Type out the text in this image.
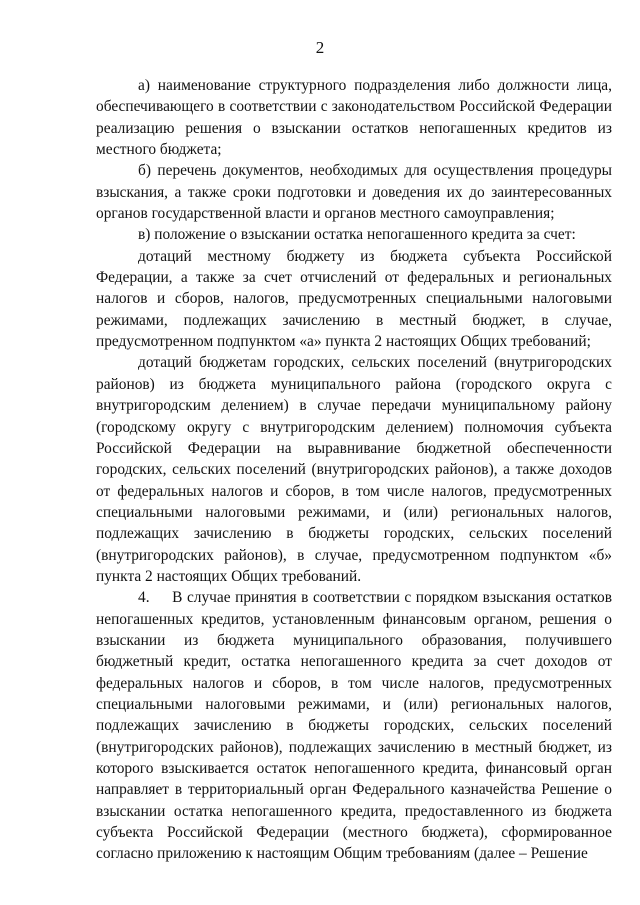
2

а) наименование структурного подразделения либо должности лица, обеспечивающего в соответствии с законодательством Российской Федерации реализацию решения о взыскании остатков непогашенных кредитов из местного бюджета;

б) перечень документов, необходимых для осуществления процедуры взыскания, а также сроки подготовки и доведения их до заинтересованных органов государственной власти и органов местного самоуправления;

в) положение о взыскании остатка непогашенного кредита за счет:

дотаций местному бюджету из бюджета субъекта Российской Федерации, а также за счет отчислений от федеральных и региональных налогов и сборов, налогов, предусмотренных специальными налоговыми режимами, подлежащих зачислению в местный бюджет, в случае, предусмотренном подпунктом «а» пункта 2 настоящих Общих требований;

дотаций бюджетам городских, сельских поселений (внутригородских районов) из бюджета муниципального района (городского округа с внутригородским делением) в случае передачи муниципальному району (городскому округу с внутригородским делением) полномочия субъекта Российской Федерации на выравнивание бюджетной обеспеченности городских, сельских поселений (внутригородских районов), а также доходов от федеральных налогов и сборов, в том числе налогов, предусмотренных специальными налоговыми режимами, и (или) региональных налогов, подлежащих зачислению в бюджеты городских, сельских поселений (внутригородских районов), в случае, предусмотренном подпунктом «б» пункта 2 настоящих Общих требований.

4.     В случае принятия в соответствии с порядком взыскания остатков непогашенных кредитов, установленным финансовым органом, решения о взыскании из бюджета муниципального образования, получившего бюджетный кредит, остатка непогашенного кредита за счет доходов от федеральных налогов и сборов, в том числе налогов, предусмотренных специальными налоговыми режимами, и (или) региональных налогов, подлежащих зачислению в бюджеты городских, сельских поселений (внутригородских районов), подлежащих зачислению в местный бюджет, из которого взыскивается остаток непогашенного кредита, финансовый орган направляет в территориальный орган Федерального казначейства Решение о взыскании остатка непогашенного кредита, предоставленного из бюджета субъекта Российской Федерации (местного бюджета), сформированное согласно приложению к настоящим Общим требованиям (далее – Решение
